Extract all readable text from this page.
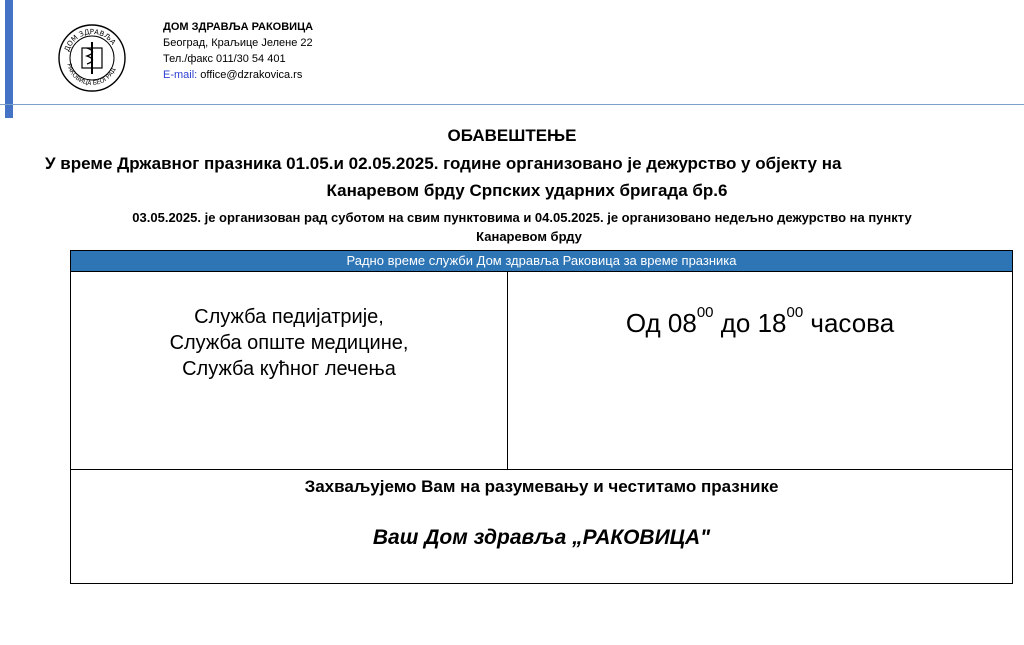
ДОМ ЗДРАВЉА
РАКОВИЦА БЕОГРАД
ДОМ ЗДРАВЉА РАКОВИЦА
Београд, Краљице Јелене 22
Тел./факс 011/30 54 401
E-mail: office@dzrakovica.rs
ОБАВЕШТЕЊЕ
У време Државног празника 01.05.и 02.05.2025. године организовано је дежурство у објекту на
Канаревом брду Српских ударних бригада бр.6
03.05.2025. је организован рад суботом на свим пунктовима и 04.05.2025. је организовано недељно дежурство на пункту
Канаревом брду
Радно време служби Дом здравља Раковица за време празника

Служба педијатрије,
Служба опште медицине,
Служба кућног лечења

Од $08^{00}$ до $18^{00}$ часова

Захваљујемо Вам на разумевању и честитамо празнике
Ваш Дом здравља „РАКОВИЦА"
